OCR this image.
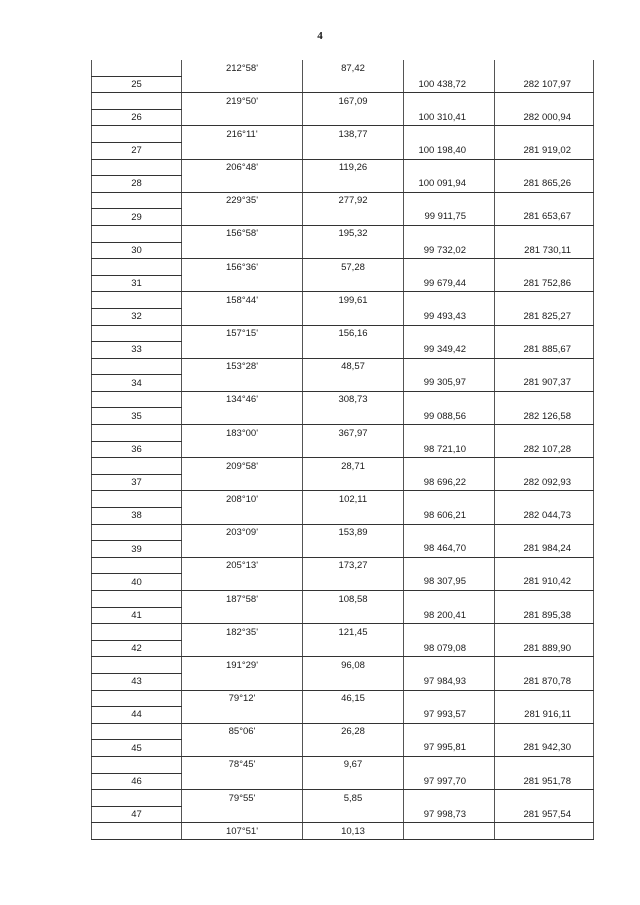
4
	212°58'	87,42		
25			100 438,72	282 107,97
	219°50'	167,09		
26			100 310,41	282 000,94
	216°11'	138,77		
27			100 198,40	281 919,02
	206°48'	119,26		
28			100 091,94	281 865,26
	229°35'	277,92		
29			99 911,75	281 653,67
	156°58'	195,32		
30			99 732,02	281 730,11
	156°36'	57,28		
31			99 679,44	281 752,86
	158°44'	199,61		
32			99 493,43	281 825,27
	157°15'	156,16		
33			99 349,42	281 885,67
	153°28'	48,57		
34			99 305,97	281 907,37
	134°46'	308,73		
35			99 088,56	282 126,58
	183°00'	367,97		
36			98 721,10	282 107,28
	209°58'	28,71		
37			98 696,22	282 092,93
	208°10'	102,11		
38			98 606,21	282 044,73
	203°09'	153,89		
39			98 464,70	281 984,24
	205°13'	173,27		
40			98 307,95	281 910,42
	187°58'	108,58		
41			98 200,41	281 895,38
	182°35'	121,45		
42			98 079,08	281 889,90
	191°29'	96,08		
43			97 984,93	281 870,78
	79°12'	46,15		
44			97 993,57	281 916,11
	85°06'	26,28		
45			97 995,81	281 942,30
	78°45'	9,67		
46			97 997,70	281 951,78
	79°55'	5,85		
47			97 998,73	281 957,54
	107°51'	10,13		
